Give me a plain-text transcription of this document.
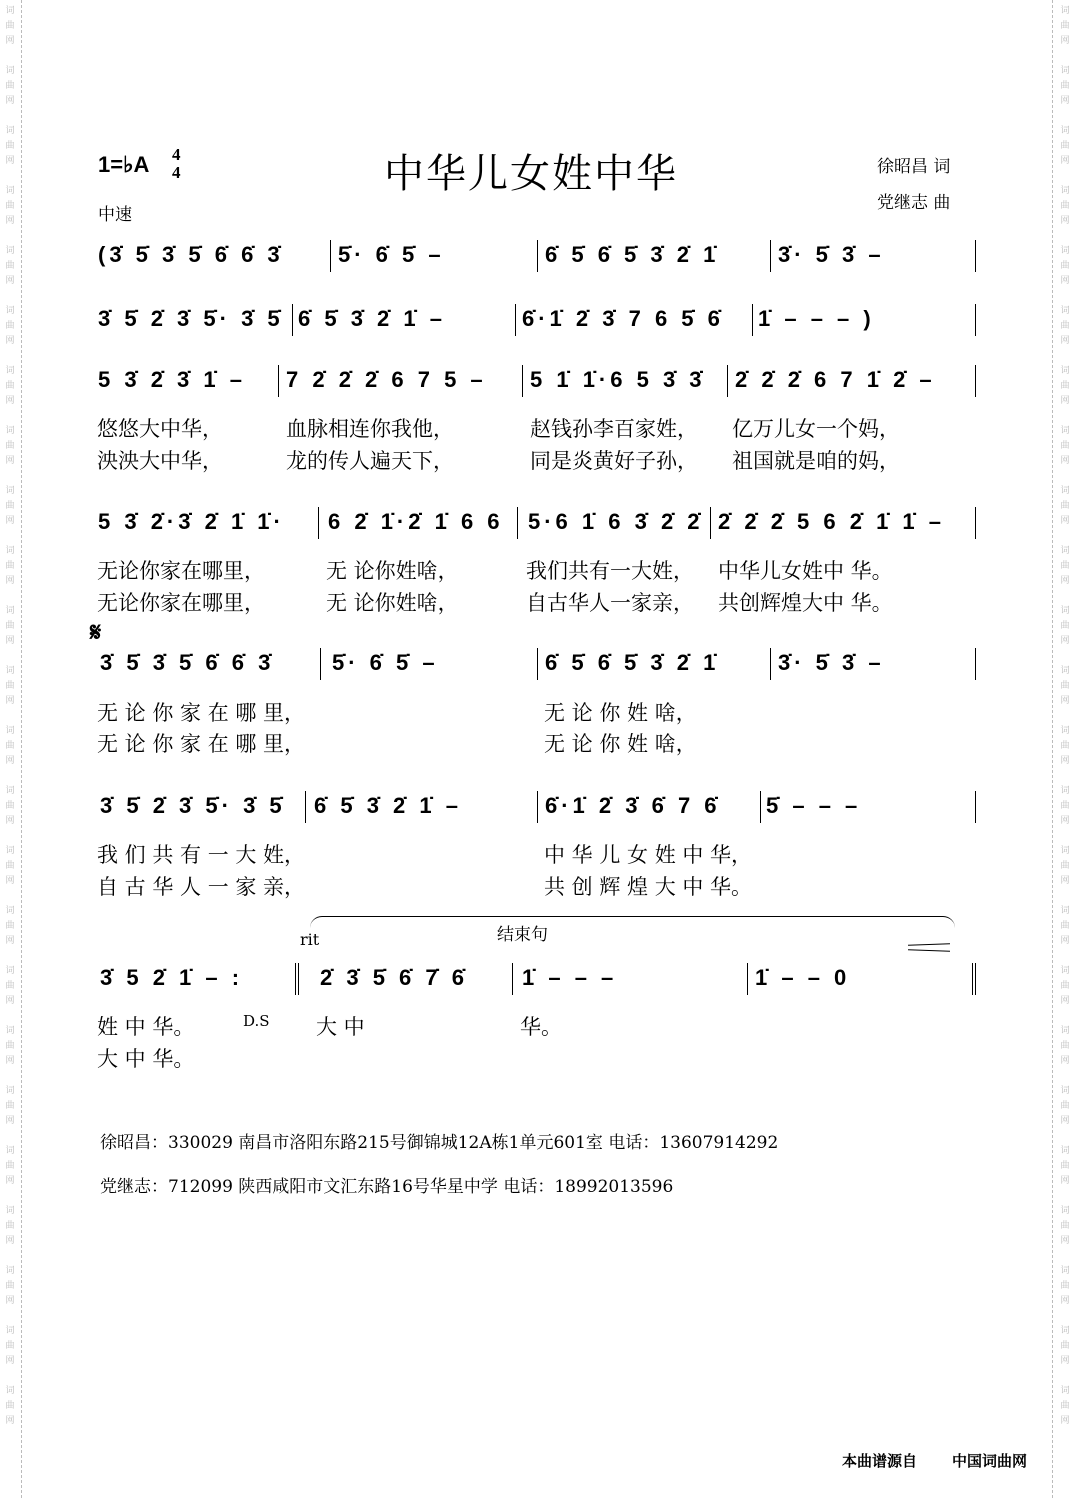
词
曲
网

词
曲
网

词
曲
网

词
曲
网

词
曲
网

词
曲
网

词
曲
网

词
曲
网

词
曲
网

词
曲
网

词
曲
网

词
曲
网

词
曲
网

词
曲
网

词
曲
网

词
曲
网

词
曲
网

词
曲
网

词
曲
网

词
曲
网

词
曲
网

词
曲
网

词
曲
网

词
曲
网
词
曲
网

词
曲
网

词
曲
网

词
曲
网

词
曲
网

词
曲
网

词
曲
网

词
曲
网

词
曲
网

词
曲
网

词
曲
网

词
曲
网

词
曲
网

词
曲
网

词
曲
网

词
曲
网

词
曲
网

词
曲
网

词
曲
网

词
曲
网

词
曲
网

词
曲
网

词
曲
网

词
曲
网
中华儿女姓中华
1=♭A 4
4
中速
徐昭昌 词
党继志 曲
(3̇ 5̇ 3̇ 5̇ 6̇ 6̇ 3̇ 5̇· 6̇ 5̇ –	6̇ 5̇ 6̇ 5̇ 3̇ 2̇ 1̇	3̇· 5̇ 3̇ –
3̇ 5̇ 2̇ 3̇ 5̇· 3̇ 5̇ 6̇ 5̇ 3̇ 2̇ 1̇ –	6̇·1̇ 2̇ 3̇ 7 6 5̇ 6̇ 1̇ – – – )
5 3̇ 2̇ 3̇ 1̇ – 7 2̇ 2̇ 2̇ 6 7 5 – 5 1̇ 1̇·6 5 3̇ 3̇ 2̇ 2̇ 2̇ 6 7 1̇ 2̇ –
悠悠大中华，	血脉相连你我他，	赵钱孙李百家姓， 亿万儿女一个妈，
泱泱大中华，	龙的传人遍天下，	同是炎黄好子孙， 祖国就是咱的妈，
5 3̇ 2̇·3̇ 2̇ 1̇ 1̇· 6 2̇ 1̇·2̇ 1̇ 6 6 5·6 1̇ 6 3̇ 2̇ 2̇ 2̇ 2̇ 2̇ 5 6 2̇ 1̇ 1̇ –
无论你家在哪里，	无 论你姓啥，	我们共有一大姓， 中华儿女姓中 华。
无论你家在哪里，	无 论你姓啥，	自古华人一家亲， 共创辉煌大中 华。
3̇ 5̇ 3̇ 5̇ 6̇ 6̇ 3̇	5̇· 6̇ 5̇ –	6̇ 5̇ 6̇ 5̇ 3̇ 2̇ 1̇	3̇· 5̇ 3̇ –
无 论 你 家 在 哪 里，	无 论 你 姓 啥，
无 论 你 家 在 哪 里，	无 论 你 姓 啥，
3̇ 5̇ 2̇ 3̇ 5̇· 3̇ 5̇ 6̇ 5̇ 3̇ 2̇ 1̇ –	6̇·1̇ 2̇ 3̇ 6̇ 7 6̇ 5̇ – – –
我 们 共 有 一 大 姓，	中 华 儿 女 姓 中 华，
自 古 华 人 一 家 亲，	共 创 辉 煌 大 中 华。
3̇ 5 2̇ 1̇ – :	2̇ 3̇ 5̇ 6̇ 7̇ 6̇ 1̇ – – –	1̇ – – 0
姓 中 华。	大 中	华。
大 中 华。
𝄋
rit	结束句
D.S
徐昭昌：330029 南昌市洛阳东路215号御锦城12A栋1单元601室 电话：13607914292
党继志：712099 陕西咸阳市文汇东路16号华星中学 电话：18992013596
本曲谱源自 中国词曲网
